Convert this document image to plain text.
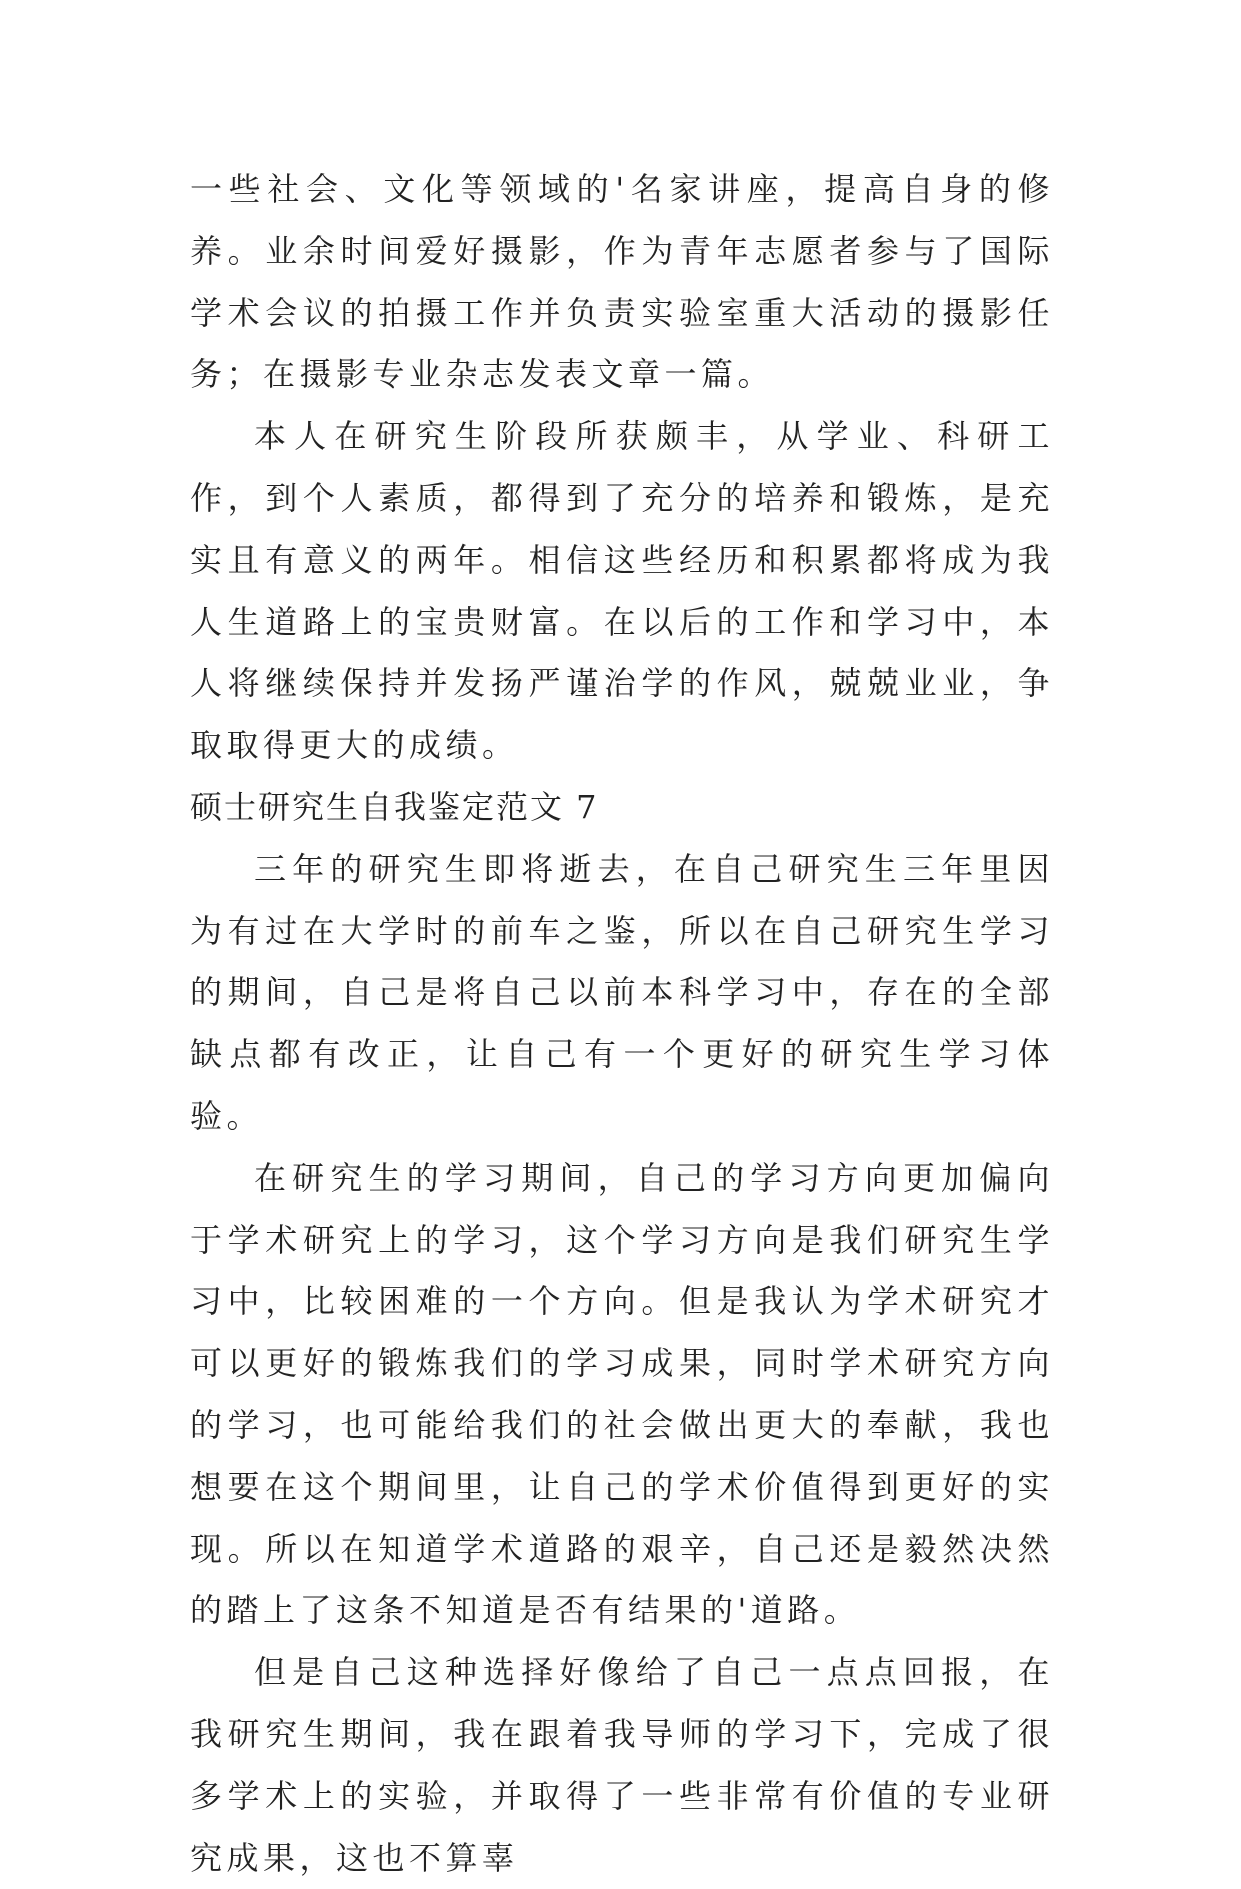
一些社会、文化等领域的'名家讲座，提高自身的修养。业余时间爱好摄影，作为青年志愿者参与了国际学术会议的拍摄工作并负责实验室重大活动的摄影任务；在摄影专业杂志发表文章一篇。

本人在研究生阶段所获颇丰，从学业、科研工作，到个人素质，都得到了充分的培养和锻炼，是充实且有意义的两年。相信这些经历和积累都将成为我人生道路上的宝贵财富。在以后的工作和学习中，本人将继续保持并发扬严谨治学的作风，兢兢业业，争取取得更大的成绩。

硕士研究生自我鉴定范文 7

三年的研究生即将逝去，在自己研究生三年里因为有过在大学时的前车之鉴，所以在自己研究生学习的期间，自己是将自己以前本科学习中，存在的全部缺点都有改正，让自己有一个更好的研究生学习体验。

在研究生的学习期间，自己的学习方向更加偏向于学术研究上的学习，这个学习方向是我们研究生学习中，比较困难的一个方向。但是我认为学术研究才可以更好的锻炼我们的学习成果，同时学术研究方向的学习，也可能给我们的社会做出更大的奉献，我也想要在这个期间里，让自己的学术价值得到更好的实现。所以在知道学术道路的艰辛，自己还是毅然决然的踏上了这条不知道是否有结果的'道路。

但是自己这种选择好像给了自己一点点回报，在我研究生期间，我在跟着我导师的学习下，完成了很多学术上的实验，并取得了一些非常有价值的专业研究成果，这也不算辜
